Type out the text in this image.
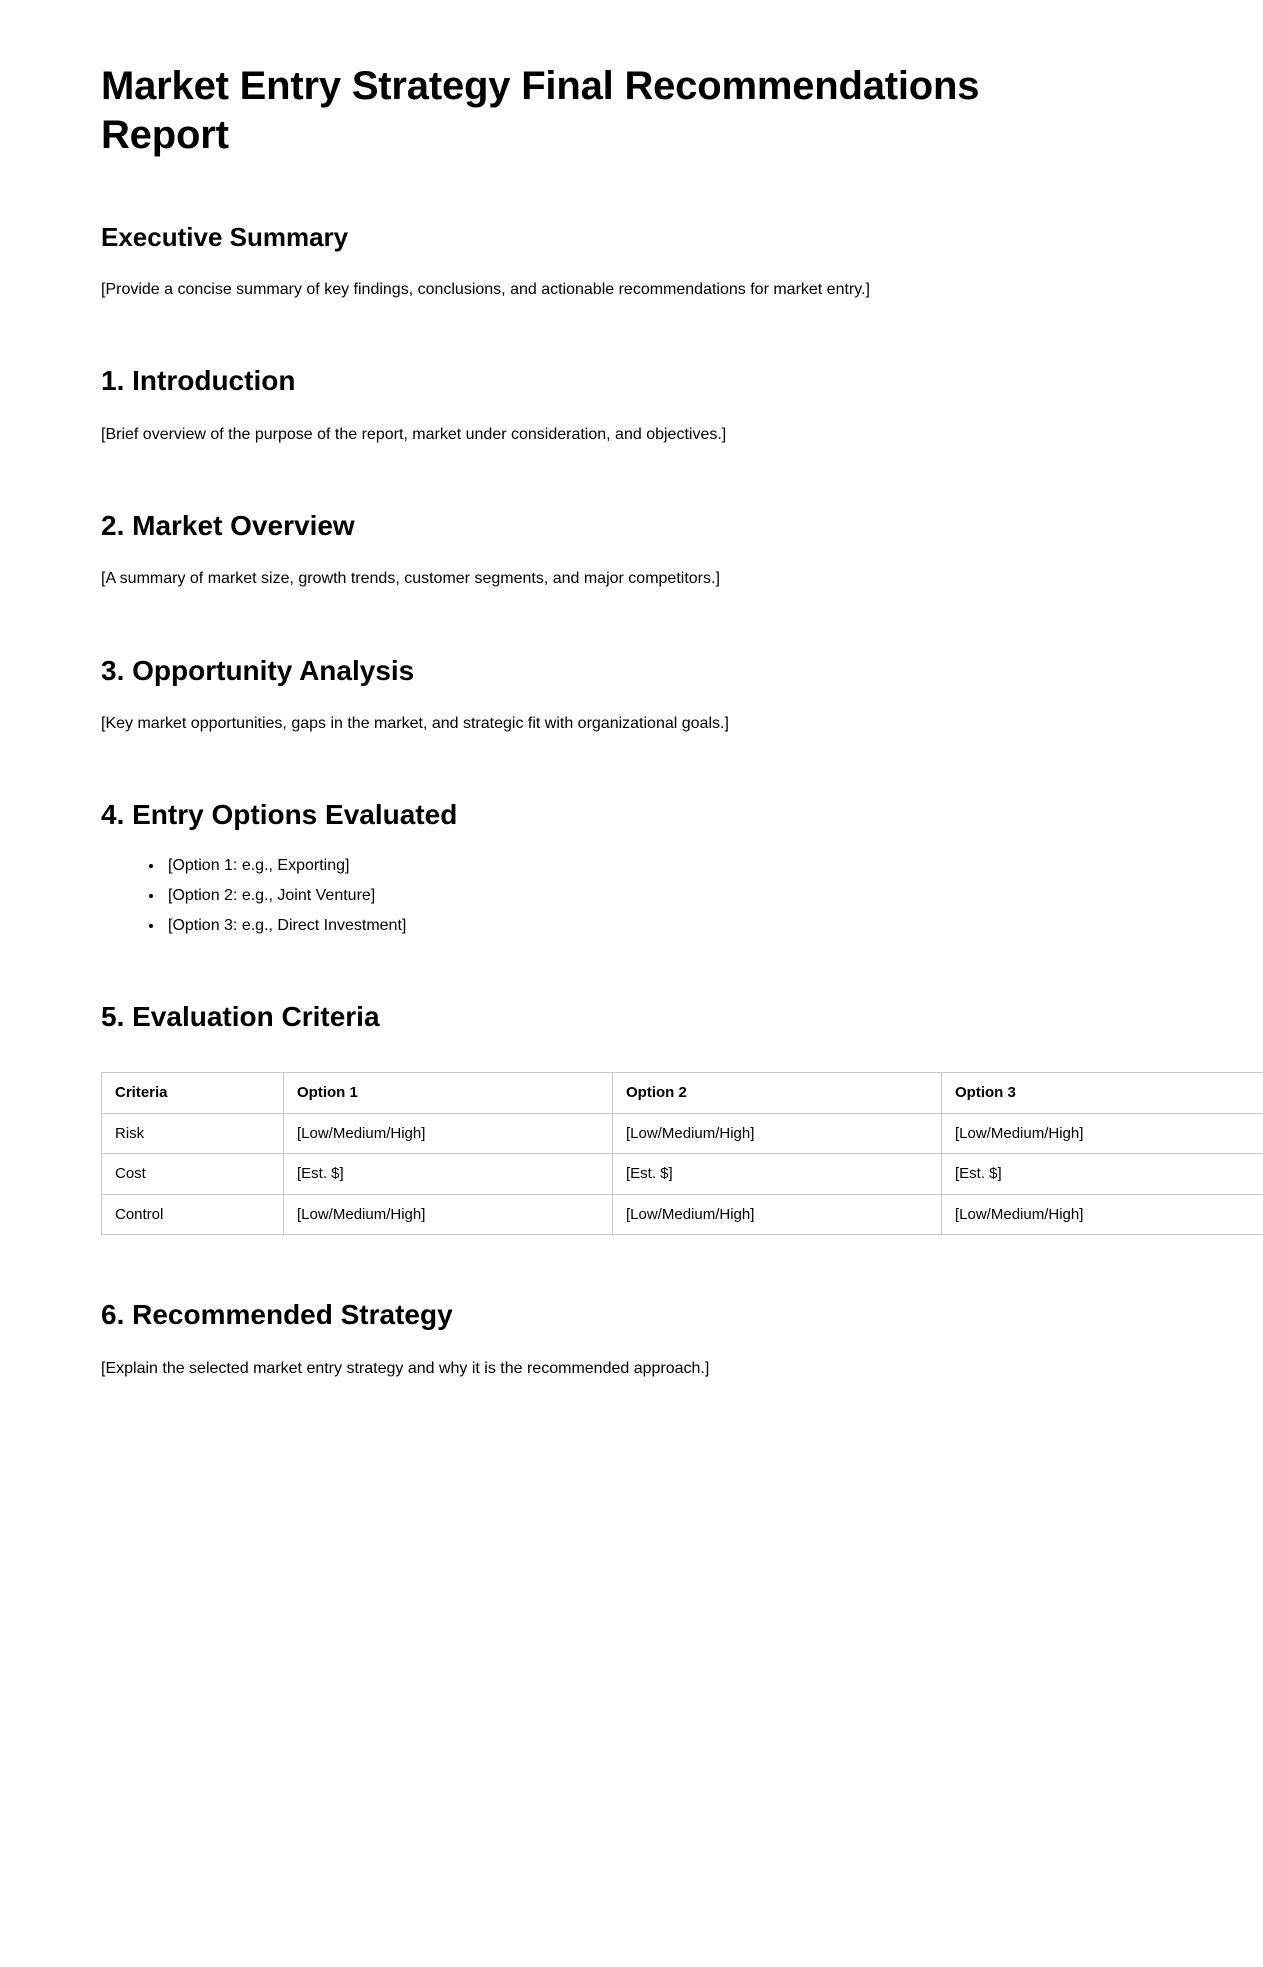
Market Entry Strategy Final Recommendations Report
Executive Summary

[Provide a concise summary of key findings, conclusions, and actionable recommendations for market entry.]

1. Introduction

[Brief overview of the purpose of the report, market under consideration, and objectives.]

2. Market Overview

[A summary of market size, growth trends, customer segments, and major competitors.]

3. Opportunity Analysis

[Key market opportunities, gaps in the market, and strategic fit with organizational goals.]

4. Entry Options Evaluated
• [Option 1: e.g., Exporting]
• [Option 2: e.g., Joint Venture]
• [Option 3: e.g., Direct Investment]
5. Evaluation Criteria
Criteria	Option 1	Option 2	Option 3
Risk	[Low/Medium/High]	[Low/Medium/High]	[Low/Medium/High]
Cost	[Est. $]	[Est. $]	[Est. $]
Control	[Low/Medium/High]	[Low/Medium/High]	[Low/Medium/High]
6. Recommended Strategy

[Explain the selected market entry strategy and why it is the recommended approach.]
